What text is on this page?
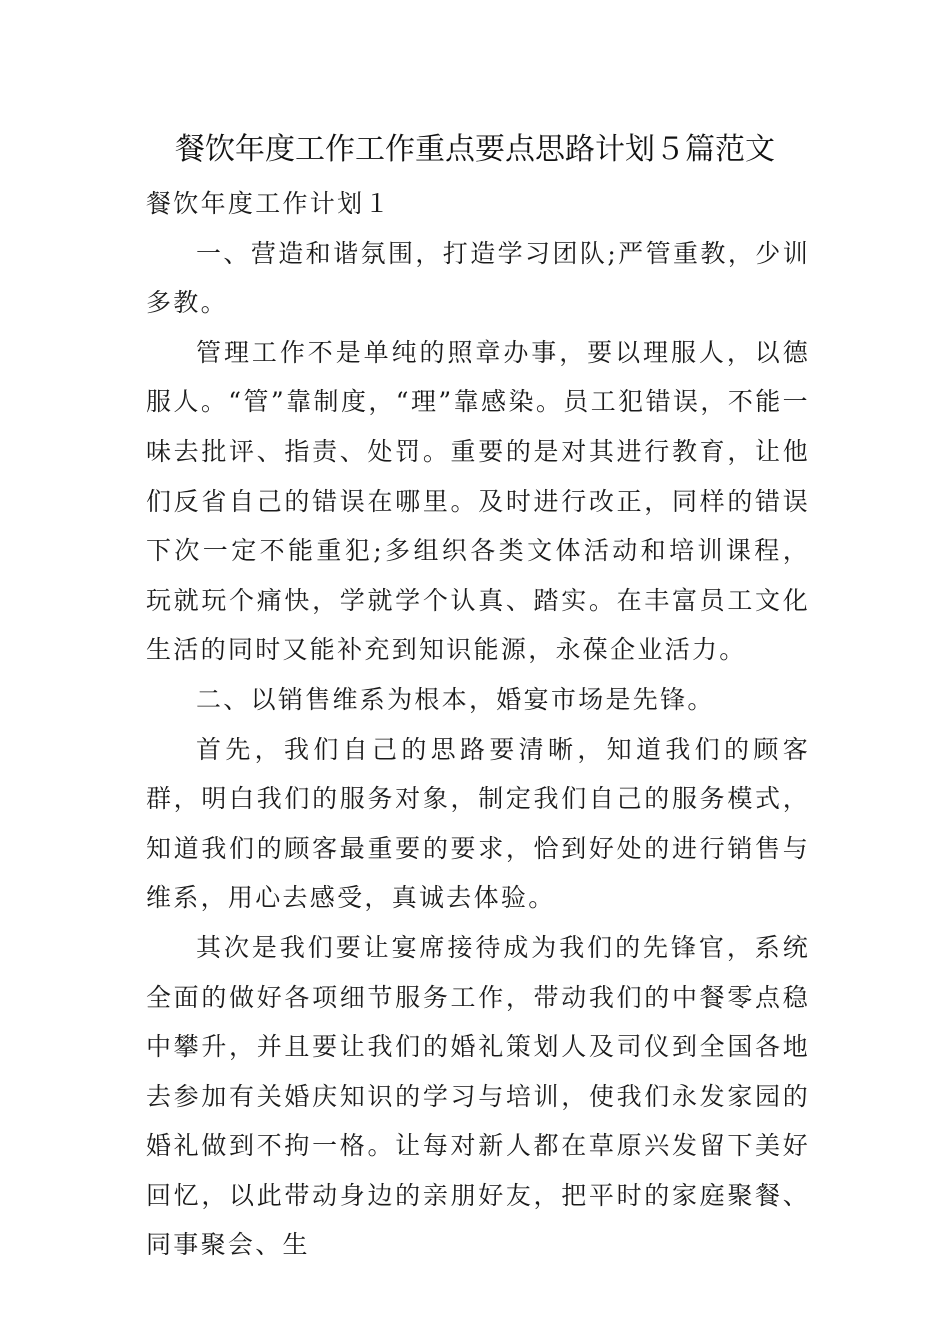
餐饮年度工作工作重点要点思路计划５篇范文

餐饮年度工作计划１

一、营造和谐氛围，打造学习团队;严管重教，少训多教。

管理工作不是单纯的照章办事，要以理服人，以德服人。“管”靠制度，“理”靠感染。员工犯错误，不能一味去批评、指责、处罚。重要的是对其进行教育，让他们反省自己的错误在哪里。及时进行改正，同样的错误下次一定不能重犯;多组织各类文体活动和培训课程，玩就玩个痛快，学就学个认真、踏实。在丰富员工文化生活的同时又能补充到知识能源，永葆企业活力。

二、以销售维系为根本，婚宴市场是先锋。

首先，我们自己的思路要清晰，知道我们的顾客群，明白我们的服务对象，制定我们自己的服务模式，知道我们的顾客最重要的要求，恰到好处的进行销售与维系，用心去感受，真诚去体验。

其次是我们要让宴席接待成为我们的先锋官，系统全面的做好各项细节服务工作，带动我们的中餐零点稳中攀升，并且要让我们的婚礼策划人及司仪到全国各地去参加有关婚庆知识的学习与培训，使我们永发家园的婚礼做到不拘一格。让每对新人都在草原兴发留下美好回忆，以此带动身边的亲朋好友，把平时的家庭聚餐、同事聚会、生
